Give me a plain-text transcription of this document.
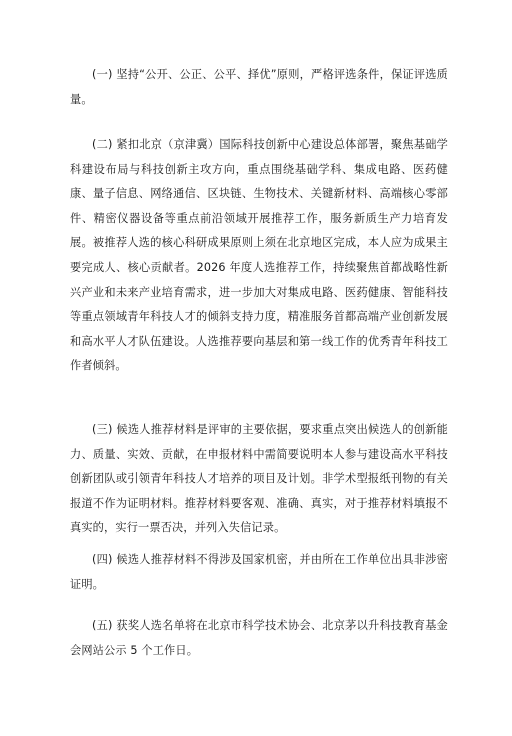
(一) 坚持“公开、公正、公平、择优”原则，严格评选条件，保证评选质量。

(二) 紧扣北京（京津冀）国际科技创新中心建设总体部署，聚焦基础学科建设布局与科技创新主攻方向，重点围绕基础学科、集成电路、医药健康、量子信息、网络通信、区块链、生物技术、关键新材料、高端核心零部件、精密仪器设备等重点前沿领域开展推荐工作，服务新质生产力培育发展。被推荐人选的核心科研成果原则上须在北京地区完成，本人应为成果主要完成人、核心贡献者。2026 年度人选推荐工作，持续聚焦首都战略性新兴产业和未来产业培育需求，进一步加大对集成电路、医药健康、智能科技等重点领域青年科技人才的倾斜支持力度，精准服务首都高端产业创新发展和高水平人才队伍建设。人选推荐要向基层和第一线工作的优秀青年科技工作者倾斜。

(三) 候选人推荐材料是评审的主要依据，要求重点突出候选人的创新能力、质量、实效、贡献，在申报材料中需简要说明本人参与建设高水平科技创新团队或引领青年科技人才培养的项目及计划。非学术型报纸刊物的有关报道不作为证明材料。推荐材料要客观、准确、真实，对于推荐材料填报不真实的，实行一票否决，并列入失信记录。

(四) 候选人推荐材料不得涉及国家机密，并由所在工作单位出具非涉密证明。

(五) 获奖人选名单将在北京市科学技术协会、北京茅以升科技教育基金会网站公示 5 个工作日。
